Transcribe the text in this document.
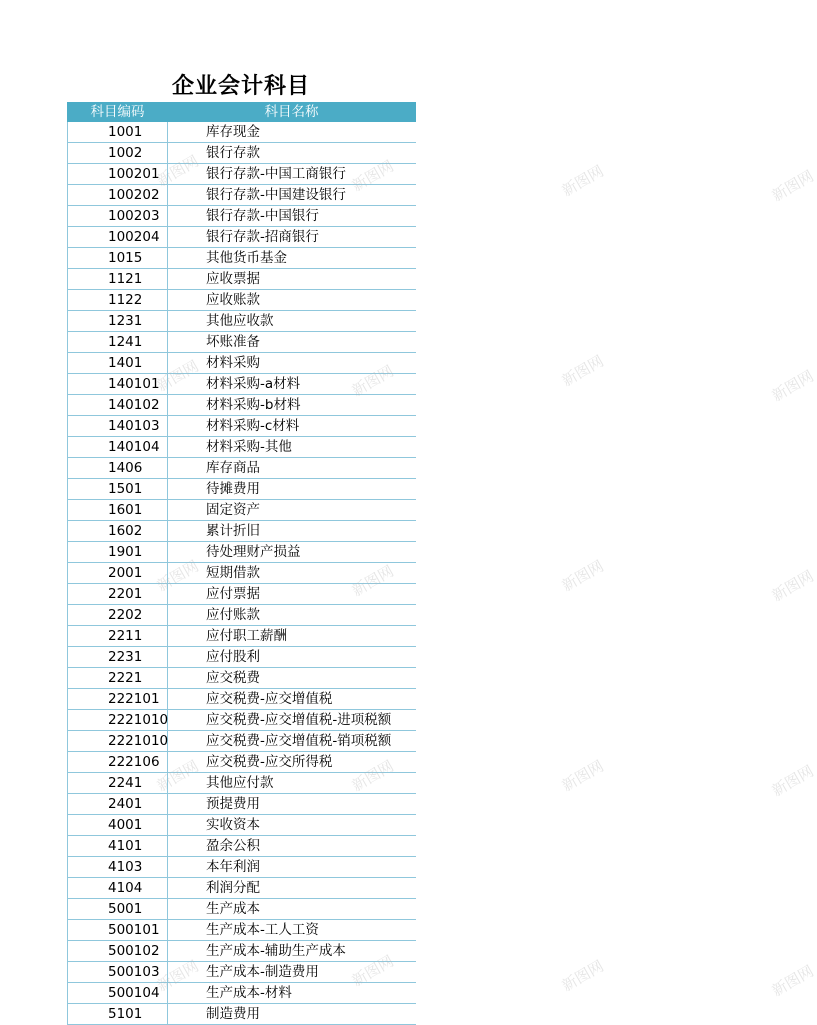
企业会计科目
科目编码	科目名称
1001	库存现金
1002	银行存款
100201	银行存款-中国工商银行
100202	银行存款-中国建设银行
100203	银行存款-中国银行
100204	银行存款-招商银行
1015	其他货币基金
1121	应收票据
1122	应收账款
1231	其他应收款
1241	坏账准备
1401	材料采购
140101	材料采购-a材料
140102	材料采购-b材料
140103	材料采购-c材料
140104	材料采购-其他
1406	库存商品
1501	待摊费用
1601	固定资产
1602	累计折旧
1901	待处理财产损益
2001	短期借款
2201	应付票据
2202	应付账款
2211	应付职工薪酬
2231	应付股利
2221	应交税费
222101	应交税费-应交增值税
2221010	应交税费-应交增值税-进项税额
2221010	应交税费-应交增值税-销项税额
222106	应交税费-应交所得税
2241	其他应付款
2401	预提费用
4001	实收资本
4101	盈余公积
4103	本年利润
4104	利润分配
5001	生产成本
500101	生产成本-工人工资
500102	生产成本-辅助生产成本
500103	生产成本-制造费用
500104	生产成本-材料
5101	制造费用
新图网	新图网	新图网	新图网
新图网	新图网	新图网	新图网
新图网	新图网	新图网	新图网
新图网	新图网	新图网	新图网
新图网	新图网	新图网	新图网
